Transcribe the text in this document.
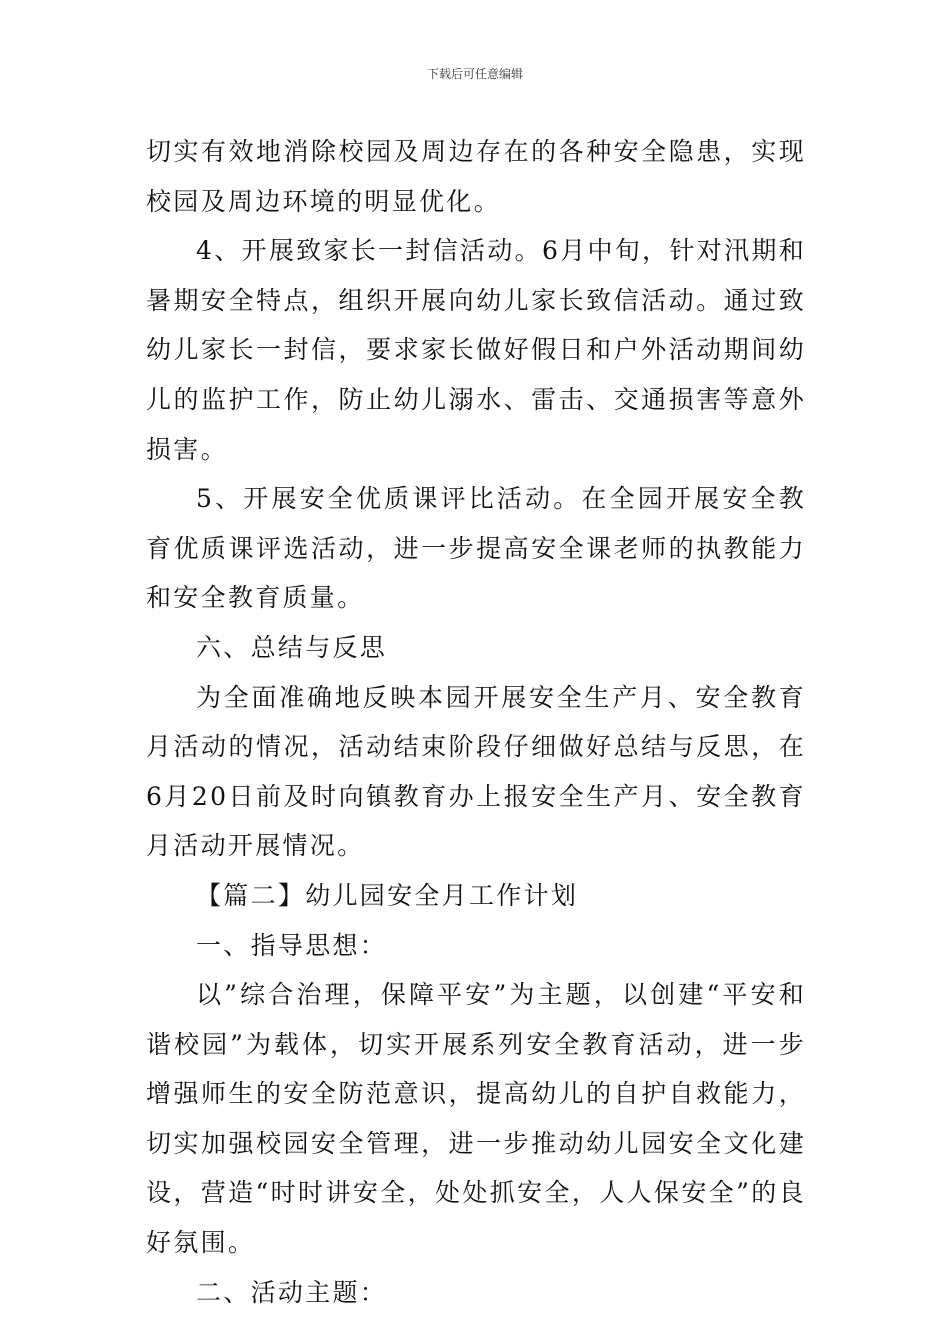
下载后可任意编辑

切实有效地消除校园及周边存在的各种安全隐患，实现校园及周边环境的明显优化。

4、开展致家长一封信活动。6月中旬，针对汛期和暑期安全特点，组织开展向幼儿家长致信活动。通过致幼儿家长一封信，要求家长做好假日和户外活动期间幼儿的监护工作，防止幼儿溺水、雷击、交通损害等意外损害。

5、开展安全优质课评比活动。在全园开展安全教育优质课评选活动，进一步提高安全课老师的执教能力和安全教育质量。

六、总结与反思

为全面准确地反映本园开展安全生产月、安全教育月活动的情况，活动结束阶段仔细做好总结与反思，在6月20日前及时向镇教育办上报安全生产月、安全教育月活动开展情况。

【篇二】幼儿园安全月工作计划

一、指导思想：

以”综合治理，保障平安”为主题，以创建“平安和谐校园”为载体，切实开展系列安全教育活动，进一步增强师生的安全防范意识，提高幼儿的自护自救能力，切实加强校园安全管理，进一步推动幼儿园安全文化建设，营造“时时讲安全，处处抓安全，人人保安全”的良好氛围。

二、活动主题：
